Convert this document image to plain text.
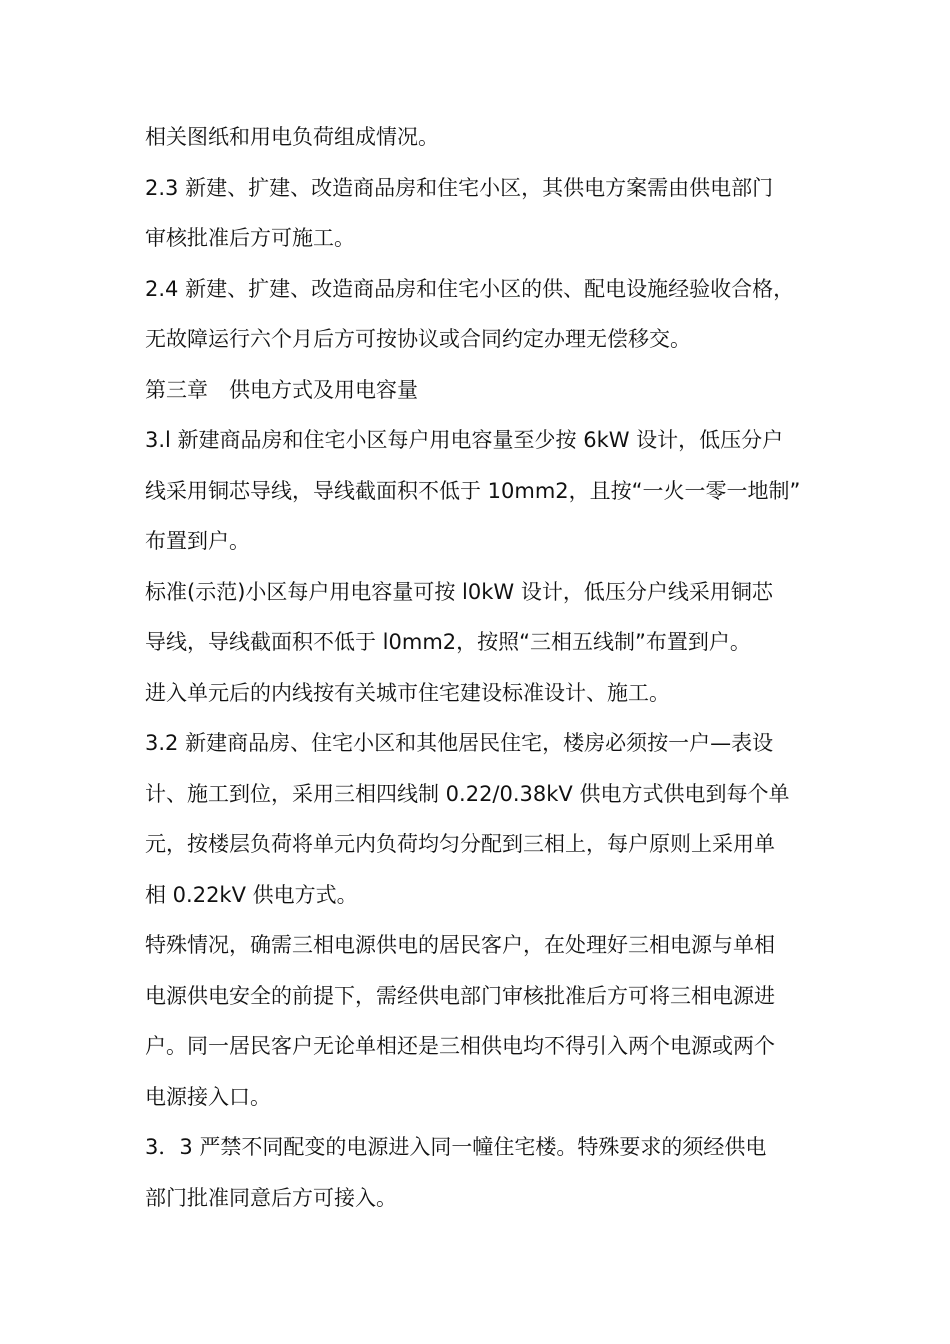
相关图纸和用电负荷组成情况。
2.3 新建、扩建、改造商品房和住宅小区，其供电方案需由供电部门
审核批准后方可施工。
2.4 新建、扩建、改造商品房和住宅小区的供、配电设施经验收合格，
无故障运行六个月后方可按协议或合同约定办理无偿移交。
第三章　供电方式及用电容量
3.l 新建商品房和住宅小区每户用电容量至少按 6kW 设计，低压分户
线采用铜芯导线，导线截面积不低于 10mm2，且按“一火一零一地制”
布置到户。
标准(示范)小区每户用电容量可按 l0kW 设计，低压分户线采用铜芯
导线，导线截面积不低于 l0mm2，按照“三相五线制”布置到户。
进入单元后的内线按有关城市住宅建设标准设计、施工。
3.2 新建商品房、住宅小区和其他居民住宅，楼房必须按一户—表设
计、施工到位，采用三相四线制 0.22/0.38kV 供电方式供电到每个单
元，按楼层负荷将单元内负荷均匀分配到三相上，每户原则上采用单
相 0.22kV 供电方式。
特殊情况，确需三相电源供电的居民客户，在处理好三相电源与单相
电源供电安全的前提下，需经供电部门审核批准后方可将三相电源进
户。同一居民客户无论单相还是三相供电均不得引入两个电源或两个
电源接入口。
3．3 严禁不同配变的电源进入同一幢住宅楼。特殊要求的须经供电
部门批准同意后方可接入。
